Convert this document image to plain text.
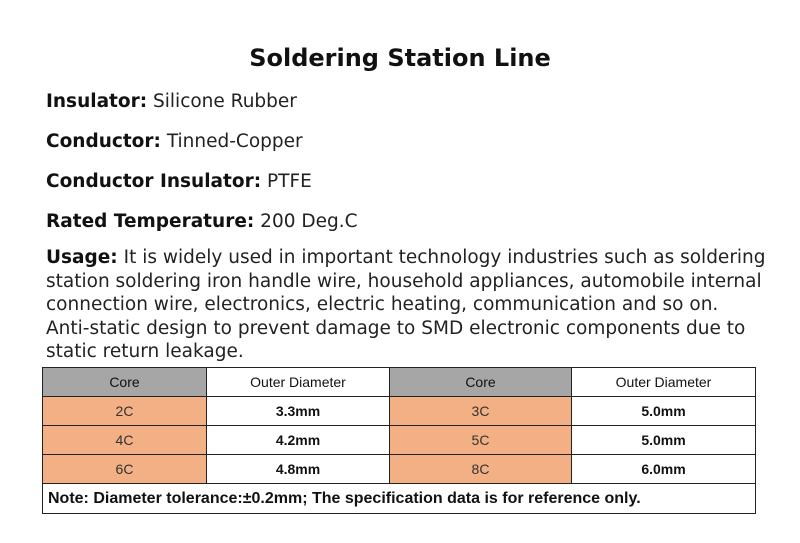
Soldering Station Line
Insulator: Silicone Rubber
Conductor: Tinned-Copper
Conductor Insulator: PTFE
Rated Temperature: 200 Deg.C
Usage: It is widely used in important technology industries such as soldering station soldering iron handle wire, household appliances, automobile internal connection wire, electronics, electric heating, communication and so on. Anti-static design to prevent damage to SMD electronic components due to static return leakage.
Core	Outer Diameter	Core	Outer Diameter
2C	3.3mm	3C	5.0mm
4C	4.2mm	5C	5.0mm
6C	4.8mm	8C	6.0mm
Note: Diameter tolerance:±0.2mm; The specification data is for reference only.			
